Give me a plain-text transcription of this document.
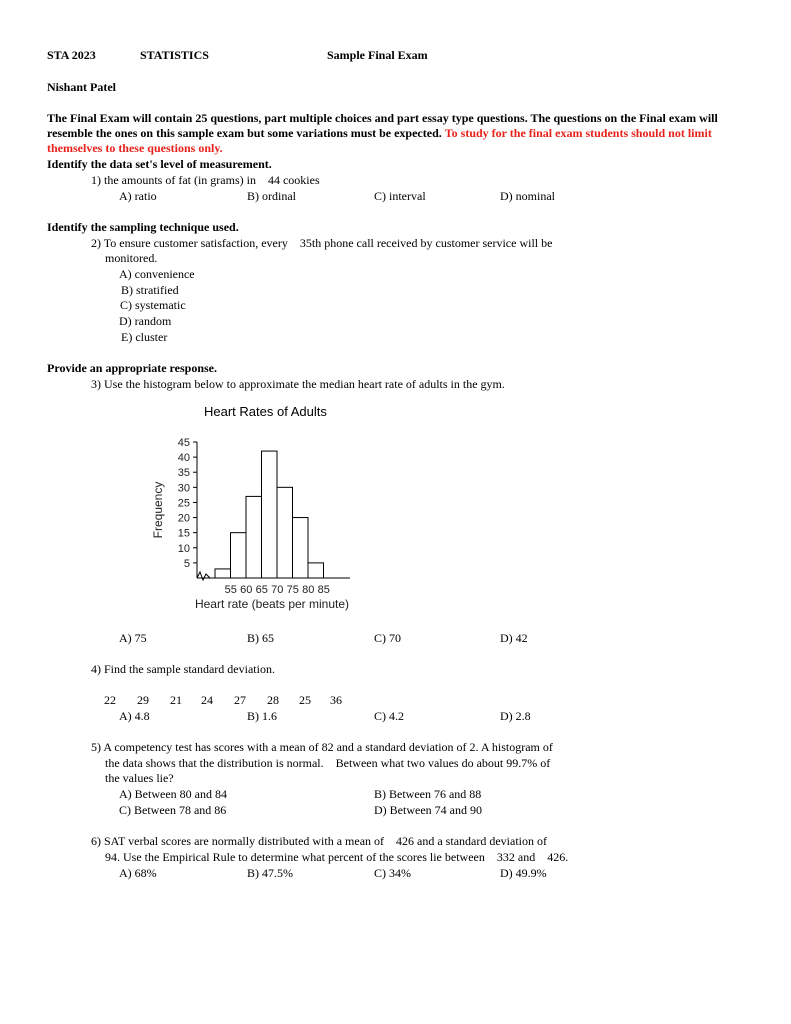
STA 2023	STATISTICS	Sample Final Exam
Nishant Patel
The Final Exam will contain 25 questions, part multiple choices and part essay type questions. The questions on the Final exam will
resemble the ones on this sample exam but some variations must be expected. To study for the final exam students should not limit
themselves to these questions only.
Identify the data set's level of measurement.
1) the amounts of fat (in grams) in    44 cookies
A) ratio	B) ordinal	C) interval	D) nominal
Identify the sampling technique used.
2) To ensure customer satisfaction, every    35th phone call received by customer service will be
monitored.
A) convenience
B) stratified
C) systematic
D) random
E) cluster
Provide an appropriate response.
3) Use the histogram below to approximate the median heart rate of adults in the gym.
Heart Rates of Adults
5
10
15
20
25
30
35
40
45
55 60 65 70 75 80 85
Frequency
Heart rate (beats per minute)
A) 75	B) 65	C) 70	D) 42
4) Find the sample standard deviation.
22 29 21 24 27 28 25 36
A) 4.8	B) 1.6	C) 4.2	D) 2.8
5) A competency test has scores with a mean of 82 and a standard deviation of 2. A histogram of
the data shows that the distribution is normal.    Between what two values do about 99.7% of
the values lie?
A) Between 80 and 84	B) Between 76 and 88
C) Between 78 and 86	D) Between 74 and 90
6) SAT verbal scores are normally distributed with a mean of    426 and a standard deviation of
94. Use the Empirical Rule to determine what percent of the scores lie between    332 and    426.
A) 68%	B) 47.5%	C) 34%	D) 49.9%
